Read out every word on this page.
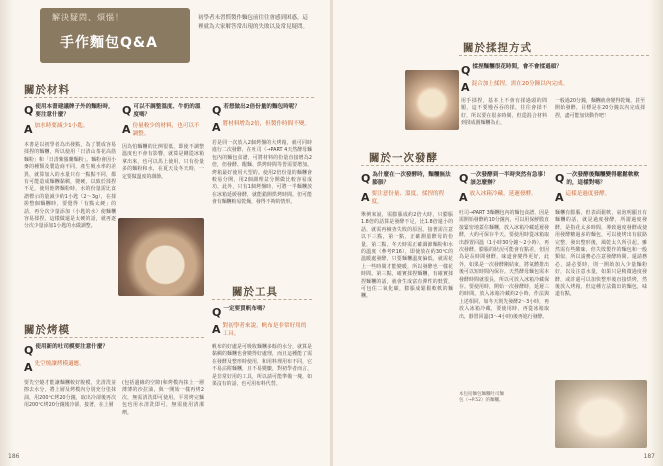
解決疑問、煩惱！
手作麵包Q&A
初學者未習慣製作麵包前往往會感到困惑，這裡就為大家解答常出現的失敗以及常見疑問。
關於材料
Q 使用本書建議牌子外的麵粉時，要注意什麼？
A 加水時要減少1小匙。
本書是以初學者為出發點，為了製成容易揉捏的麵糰，所以使用「日清山茶花高筋麵粉」和「日清紫羅蘭麵粉」。麵粉會因小麥的種類及製造商不同，產生吸水率的差異，就算加入的水量只有一點點不同，都有可能造成麵糰黏稠，變硬，以致於揉捏不足，使用他牌麵粉時，水的份量需比食譜標示的量減少約1小匙（2〜3g），在揉搓整個麵糰時，要覺得「有點太硬」的話，再分次少量添加（小匙的水）使麵糰容易揉捏。這樣做還是太硬的話，就再逐分次少量添加1小匙的水做調整。
Q 可以不調整溫度、牛奶的溫度嗎？
A 份量較少的材料，也可以不調整。
因為怕麵糰的比例很低，即使不調整溫度也不會有影響，就算是剛從冰箱拿出來，也可以馬上使用，只有份量多的麵粉和水，在夏天及冬天時，一定要做溫度的調節。
Q 若想做出2倍份量的麵包時呢？
A 將材料增為2倍，但製作時間不變。
若是同一次放入2個烤盤的大烤箱，就可同時進行二次發酵，在吐司（→PART 4天然酵母麵包內的麵包食譜，可將材料的份量直接增為2倍，但發酵、醒麵、烘烤時間等皆需要增加。烤箱最好使用大型的。使用2倍份量的麵糰會較易分開，用2個調理盆分開做比較容易成功，此外，只有1個烤盤時，可將一半麵糰放在冰箱延緩發酵，就能錯開烘烤時間。但可能會有麵糰較易乾燥，發得不夠的情形。
關於烤模
Q 使用新的吐司模要注意什麼？
A 先空燒讓烤模適應。
要先空燒才能讓麵糰較好脫模，先清洗並擦去水分，將上層及烤模內分別充分塗抹油，用200℃烤20分鐘，取出冷卻後再次用200℃烤20分鐘後冷卻，接著，在上層
(包括邊緣的空隙)和烤模內抹上一層薄薄的沙拉油，與一開始一樣再烤2次，無需清洗即可使用。平常烤完麵包也用水清洗即可，無需使用清潔劑。
關於工具
Q 一定要買帆布嗎？
A 對初學者來說，帆布是非常好用的工具。
帆布的好處是可吸收麵糰多餘的水分，就算是黏稠的麵糰也會變得好處理，而且這種能了需在發酵及整形時使用，和用料理用布不同，它不易沾附麵糰，且不易變皺，對初學者而言，是非常好用的工具，所以請可能準備一塊，如果沒有的話，也可用布料代替。
186
關於揉捏方式
Q 揉捏麵糰很花時間，會不會揉過頭？
A 混合加上揉捏，需在20分鐘以內完成。
用手揉捏，基本上不會有揉過頭的問題，這不要慢吞吞的揉，往往會揉不好，所以要在很多時間，但從混合材料到揉成圓麵糰為止，
一般過20分鐘，麵糰就會變得乾燥，甚至開始發酵，目標是在20分鐘以內完成揉捏，盡可能加快動作吧！
關於一次發酵
Q 為什麼在一次發酵時，麵糰無法膨脹？
A 要注意份量、溫度，揉捏的程度。
舉例來說，需膨脹成約2倍大時，只膨脹1.8倍的話算是發酵不足，比1.8倍還小的話，就需再檢查失敗的原因。接著需注意以下三點，第一點，正確測量酵母的份量，第二點，冬天時需正確調節麵粉和水的溫度（參考P.16），即使放在約30℃的溫暖處發酵，只要麵糰溫度偏低，就需花上一些時間才能變暖，所以發酵也一樣花時間。第三點，確實揉捏麵糰，有確實揉捏麵糰的話，就會生成富有彈性的麩質，可包住二氧化碳，膨脹成鬆鬆軟軟的麵糰。
Q 一次發酵到一半時突然有急事！該怎麼辦？
A 放入冰箱冷藏，延遲發酵。
吐司→PART 3麵糰包內的麵包食譜，因是需開始發酵約10分鐘內，可以用保鮮膜直接緊密地蓋住麵糰，放入冰箱冷藏延遲發酵，大約可保存半天。要使用時從冰箱取出靜置回溫（1小時30分鐘〜2小時），再次發酵。膨脹的狀況可能會有點差，但因為是長時間發酵，味道會變得更好，此外，如果是一次發酵剛結束，將氣體排出後可以短時間內保存。天然酵母麵包需本發酵時間就很長，所以可放入冰箱冷藏保存。要使用時，開始一次發酵時，延遲三的時間。放入冰箱冷藏約2小時，作法與上述相同，如冬天則先發酵2〜3小時，再放入冰箱冷藏，要使用時，再從冰箱取出，靜置回溫(3〜4小時)後再進行發酵。
Q 一次發酵後麵糰變得鬆鬆軟軟的，這樣對嗎？
A 這樣是過度發酵。
麵糰有膨脹，但表面鬆軟，氣泡明顯且有麵糰的話，就是過度發酵，所謂過度發酵，是指花太多時間，導致過度發酵或使用發酵糖過多的麵包，可以使烤出有紋路完整，發出整形後，風乾太久所引起。雖然需有些酸味，但失敗製作的麵包和一般類似，所以請務必注意發酵時間。還請務必，請必要時，則一開始加入少量麵粉好，以及注意水量，如果只是稍微過度發酵，或許還可以加快整形後直接烘烤，然後放入烤箱，但這種方法做出的麵包，味道有點。
本包括麵包麵糰吐司麵包（→P.52）的麵糰。
187
